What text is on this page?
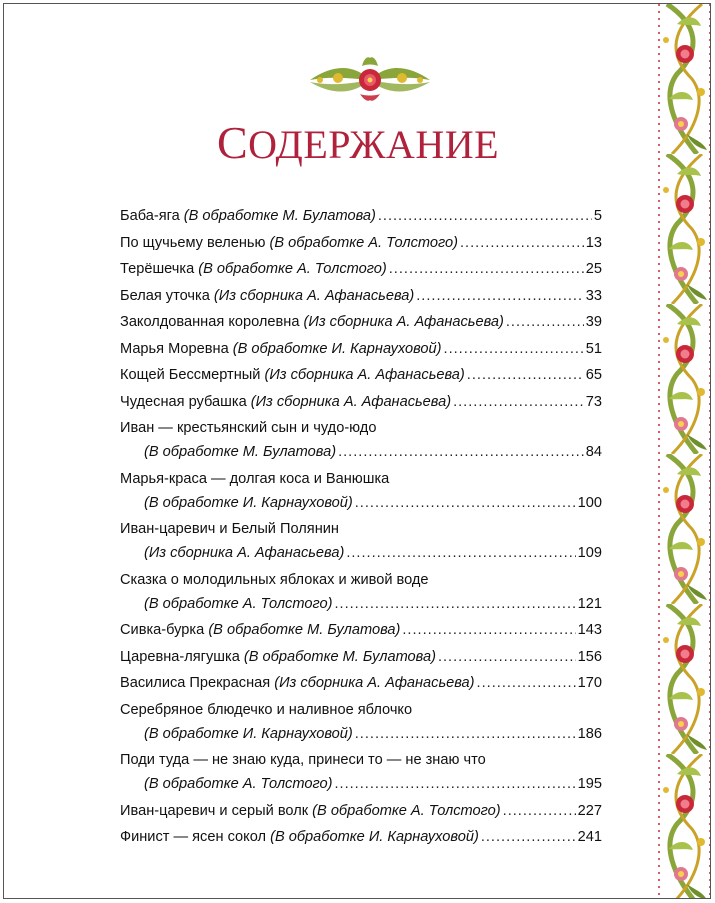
СОДЕРЖАНИЕ
Баба-яга
(В обработке М. Булатова) .....	5
По щучьему веленью
(В обработке А. Толстого) .....	13
Терёшечка
(В обработке А. Толстого) .....	25
Белая уточка
(Из сборника А. Афанасьева) .....	33
Заколдованная королевна
(Из сборника А. Афанасьева) .....	39
Марья Моревна
(В обработке И. Карнауховой) .....	51
Кощей Бессмертный
(Из сборника А. Афанасьева) .....	65
Чудесная рубашка
(Из сборника А. Афанасьева) .....	73
Иван — крестьянский сын и чудо-юдо
(В обработке М. Булатова) .....	84
Марья-краса — долгая коса и Ванюшка
(В обработке И. Карнауховой) .....	100
Иван-царевич и Белый Полянин
(Из сборника А. Афанасьева) .....	109
Сказка о молодильных яблоках и живой воде
(В обработке А. Толстого) .....	121
Сивка-бурка
(В обработке М. Булатова) .....	143
Царевна-лягушка
(В обработке М. Булатова) .....	156
Василиса Прекрасная
(Из сборника А. Афанасьева) .....	170
Серебряное блюдечко и наливное яблочко
(В обработке И. Карнауховой) .....	186
Поди туда — не знаю куда, принеси то — не знаю что
(В обработке А. Толстого) .....	195
Иван-царевич и серый волк
(В обработке А. Толстого) .....	227
Финист — ясен сокол
(В обработке И. Карнауховой) .....	241
